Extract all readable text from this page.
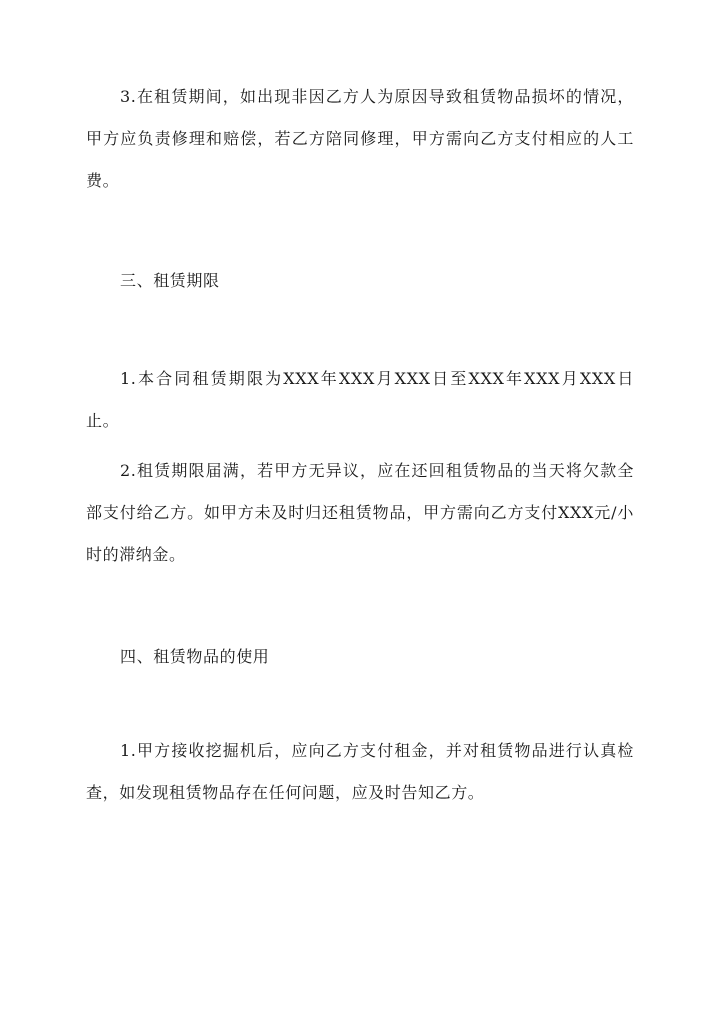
3.在租赁期间，如出现非因乙方人为原因导致租赁物品损坏的情况，甲方应负责修理和赔偿，若乙方陪同修理，甲方需向乙方支付相应的人工费。

三、租赁期限

1.本合同租赁期限为XXX年XXX月XXX日至XXX年XXX月XXX日止。

2.租赁期限届满，若甲方无异议，应在还回租赁物品的当天将欠款全部支付给乙方。如甲方未及时归还租赁物品，甲方需向乙方支付XXX元/小时的滞纳金。

四、租赁物品的使用

1.甲方接收挖掘机后，应向乙方支付租金，并对租赁物品进行认真检查，如发现租赁物品存在任何问题，应及时告知乙方。
